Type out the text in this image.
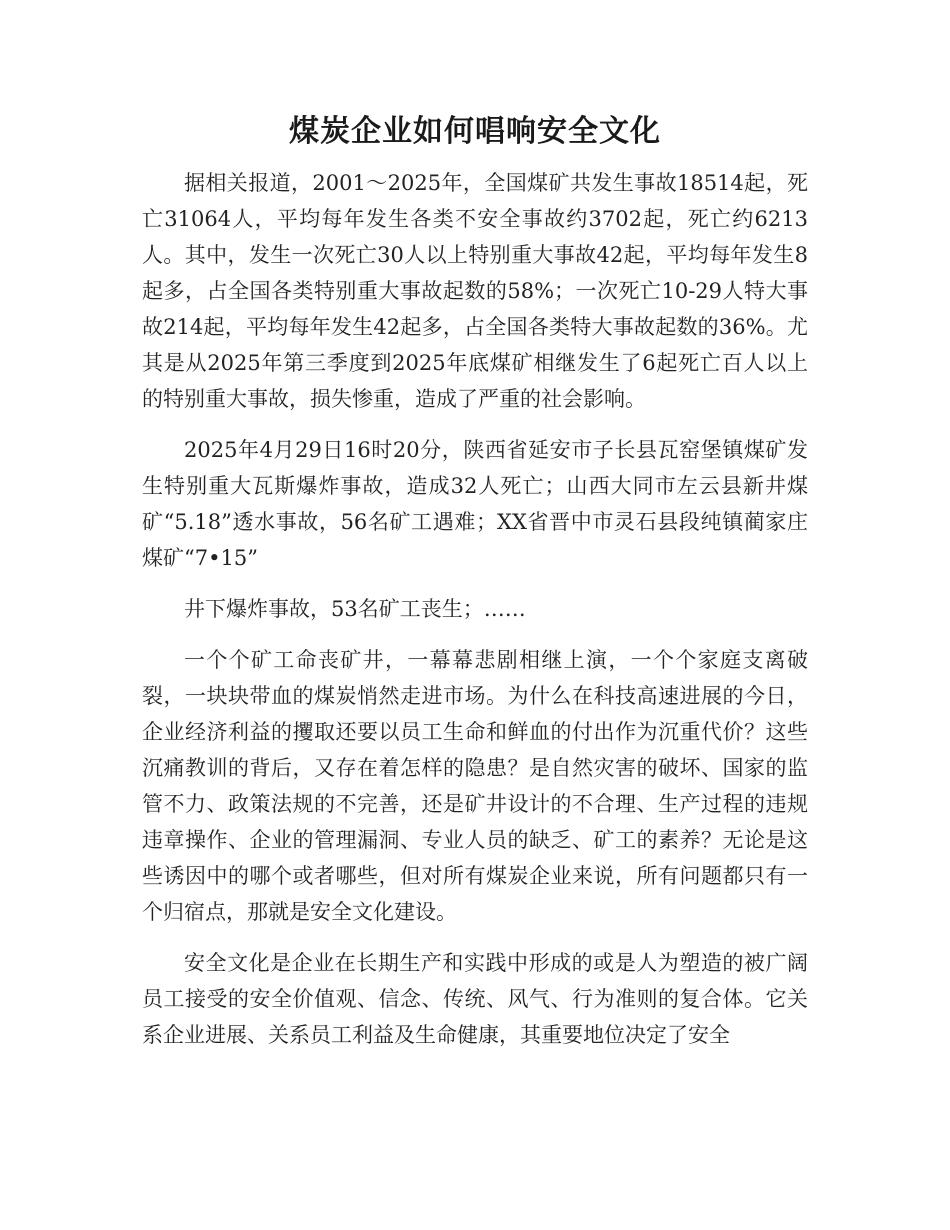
煤炭企业如何唱响安全文化

据相关报道，2001～2025年，全国煤矿共发生事故18514起，死亡31064人，平均每年发生各类不安全事故约3702起，死亡约6213人。其中，发生一次死亡30人以上特别重大事故42起，平均每年发生8起多，占全国各类特别重大事故起数的58%；一次死亡10-29人特大事故214起，平均每年发生42起多，占全国各类特大事故起数的36%。尤其是从2025年第三季度到2025年底煤矿相继发生了6起死亡百人以上的特别重大事故，损失惨重，造成了严重的社会影响。

2025年4月29日16时20分，陕西省延安市子长县瓦窑堡镇煤矿发生特别重大瓦斯爆炸事故，造成32人死亡；山西大同市左云县新井煤矿“5.18”透水事故，56名矿工遇难；XX省晋中市灵石县段纯镇蔺家庄煤矿“7•15”

井下爆炸事故，53名矿工丧生；……

一个个矿工命丧矿井，一幕幕悲剧相继上演，一个个家庭支离破裂，一块块带血的煤炭悄然走进市场。为什么在科技高速进展的今日，企业经济利益的攫取还要以员工生命和鲜血的付出作为沉重代价？这些沉痛教训的背后，又存在着怎样的隐患？是自然灾害的破坏、国家的监管不力、政策法规的不完善，还是矿井设计的不合理、生产过程的违规违章操作、企业的管理漏洞、专业人员的缺乏、矿工的素养？无论是这些诱因中的哪个或者哪些，但对所有煤炭企业来说，所有问题都只有一个归宿点，那就是安全文化建设。

安全文化是企业在长期生产和实践中形成的或是人为塑造的被广阔员工接受的安全价值观、信念、传统、风气、行为准则的复合体。它关系企业进展、关系员工利益及生命健康，其重要地位决定了安全
